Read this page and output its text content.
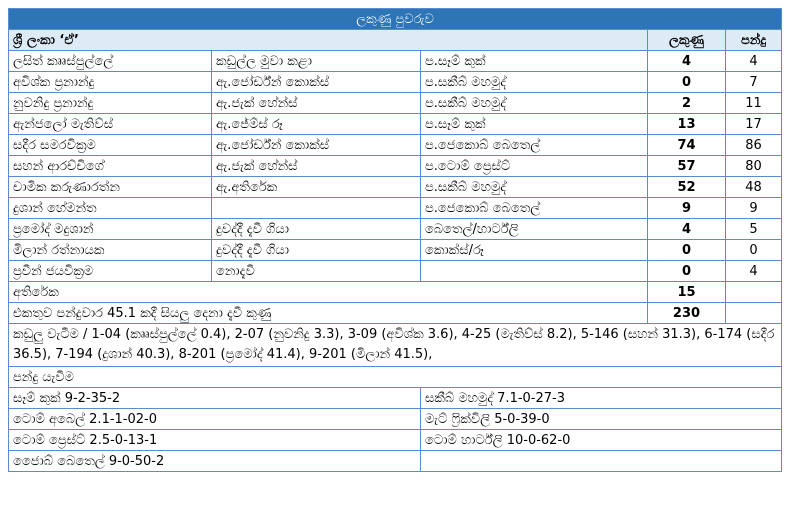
ලකුණු පුවරුව				
ශ්‍රී ලංකා ‘ඒ’			ලකුණු	පන්දු
ලසිත් කෲස්පුල්ලේ	කඩුල්ල මුවා කළා	ප.සෑම් කුක්	4	4
අවිශ්ක ප්‍රනාන්දු	ඇ.ජෝර්ඩ්න් කොක්ස්	ප.සකීබ් මහමුද්	0	7
නුවනිදු ප්‍රනාන්දු	ඇ.ජැක් හේන්ස්	ප.සකීබ් මහමුද්	2	11
ඇන්ජලෝ මැතිව්ස්	ඇ.ජේම්ස් රූ	ප.සෑම් කුක්	13	17
සදීර සමරවික්‍රම	ඇ.ජෝර්ඩ්න් කොක්ස්	ප.ජෙකොබ් බෙතෙල්	74	86
සහන් ආරච්චිගේ	ඇ.ජැක් හේන්ස්	ප.ටොම් ප්‍රෙස්ට්	57	80
චාමික කරුණාරත්න	ඇ.අතිරේක	ප.සකීබ් මහමුද්	52	48
දුශාන් හේමන්ත		ප.ජෙකොබ් බෙතෙල්	9	9
ප්‍රමෝද් මදුශාන්	දුවද්දී දැවී ගියා	බෙතෙල්/හාර්ට්ලි	4	5
මිලාන් රත්නායක	දුවද්දී දැවී ගියා	කොක්ස්/රූ	0	0
ප්‍රවීන් ජයවික්‍රම	නොදැවී		0	4
අතිරේක			15	
එකතුව පන්දුවාර 45.1 කදී සියලු දෙනා දැවී කුණු			230	
කඩුලු වැටීම / 1-04 (කෲස්පුල්ලේ 0.4), 2-07 (නුවනිදු 3.3), 3-09 (අවිශ්ක 3.6), 4-25 (මැතිව්ස් 8.2), 5-146 (සහන් 31.3), 6-174 (සදීර 36.5), 7-194 (දුශාන් 40.3), 8-201 (ප්‍රමෝද් 41.4), 9-201 (මිලාන් 41.5),				
පන්දු යැවීම				
සෑම් කුක් 9-2-35-2		සකීබ් මහමුද් 7.1-0-27-3		
ටොම් අබෙල් 2.1-1-02-0		මැට් ෆ්‍රික්විලි 5-0-39-0		
ටොම් ප්‍රෙස්ට් 2.5-0-13-1		ටොම් හාර්ට්ලි 10-0-62-0		
ජෙොබ් බෙතෙල් 9-0-50-2				
